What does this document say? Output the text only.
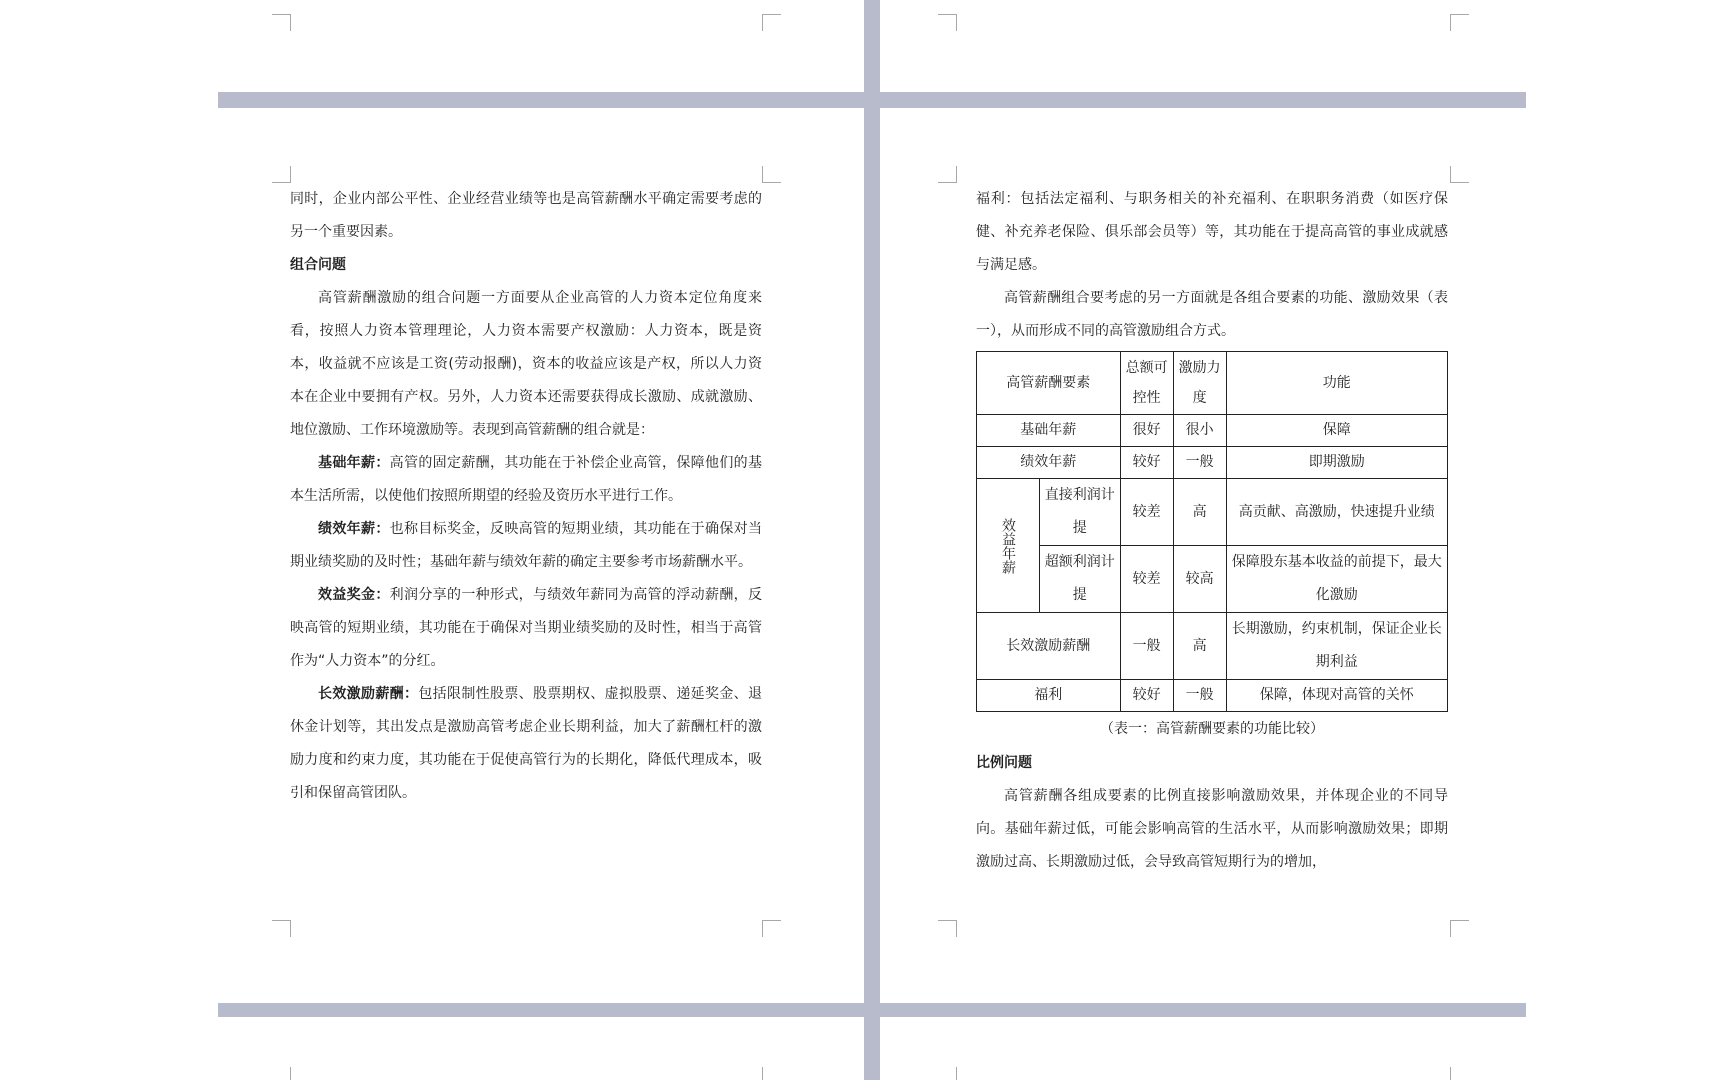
同时，企业内部公平性、企业经营业绩等也是高管薪酬水平确定需要考虑的另一个重要因素。

组合问题

高管薪酬激励的组合问题一方面要从企业高管的人力资本定位角度来看，按照人力资本管理理论，人力资本需要产权激励：人力资本，既是资本，收益就不应该是工资(劳动报酬)，资本的收益应该是产权，所以人力资本在企业中要拥有产权。另外，人力资本还需要获得成长激励、成就激励、地位激励、工作环境激励等。表现到高管薪酬的组合就是：

基础年薪：高管的固定薪酬，其功能在于补偿企业高管，保障他们的基本生活所需，以使他们按照所期望的经验及资历水平进行工作。

绩效年薪：也称目标奖金，反映高管的短期业绩，其功能在于确保对当期业绩奖励的及时性；基础年薪与绩效年薪的确定主要参考市场薪酬水平。

效益奖金：利润分享的一种形式，与绩效年薪同为高管的浮动薪酬，反映高管的短期业绩，其功能在于确保对当期业绩奖励的及时性，相当于高管作为“人力资本”的分红。

长效激励薪酬：包括限制性股票、股票期权、虚拟股票、递延奖金、退休金计划等，其出发点是激励高管考虑企业长期利益，加大了薪酬杠杆的激励力度和约束力度，其功能在于促使高管行为的长期化，降低代理成本，吸引和保留高管团队。

福利：包括法定福利、与职务相关的补充福利、在职职务消费（如医疗保健、补充养老保险、俱乐部会员等）等，其功能在于提高高管的事业成就感与满足感。

高管薪酬组合要考虑的另一方面就是各组合要素的功能、激励效果（表一），从而形成不同的高管激励组合方式。

高管薪酬要素		总额可控性	激励力度	功能
基础年薪		很好	很小	保障
绩效年薪		较好	一般	即期激励
效益年薪	直接利润计提	较差	高	高贡献、高激励，快速提升业绩
	超额利润计提	较差	较高	保障股东基本收益的前提下，最大化激励
长效激励薪酬		一般	高	长期激励，约束机制，保证企业长期利益
福利		较好	一般	保障，体现对高管的关怀
（表一：高管薪酬要素的功能比较）

比例问题

高管薪酬各组成要素的比例直接影响激励效果，并体现企业的不同导向。基础年薪过低，可能会影响高管的生活水平，从而影响激励效果；即期激励过高、长期激励过低，会导致高管短期行为的增加，
